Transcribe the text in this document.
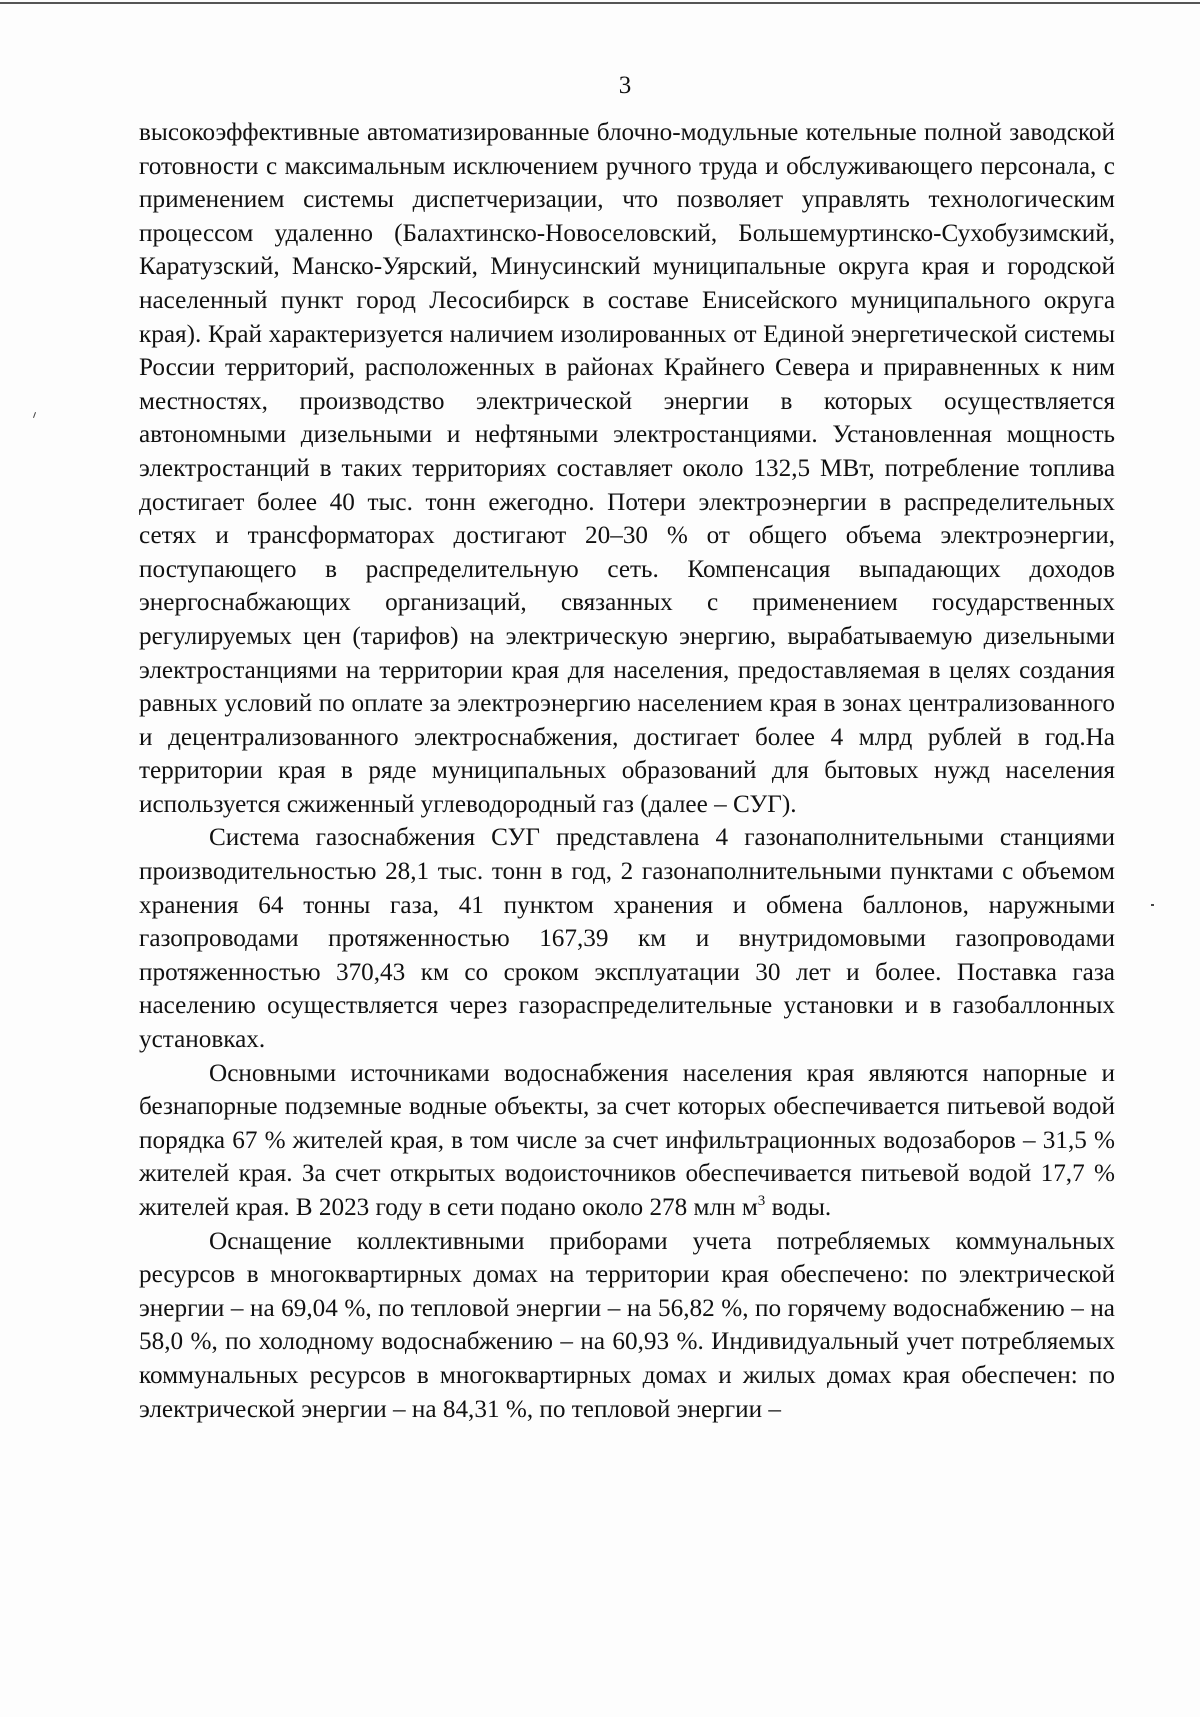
3

высокоэффективные автоматизированные блочно-модульные котельные полной заводской готовности с максимальным исключением ручного труда и обслуживающего персонала, с применением системы диспетчеризации, что позволяет управлять технологическим процессом удаленно (Балахтинско-Новоселовский, Большемуртинско-Сухобузимский, Каратузский, Манско-Уярский, Минусинский муниципальные округа края и городской населенный пункт город Лесосибирск в составе Енисейского муниципального округа края). Край характеризуется наличием изолированных от Единой энергетической системы России территорий, расположенных в районах Крайнего Севера и приравненных к ним местностях, производство электрической энергии в которых осуществляется автономными дизельными и нефтяными электростанциями. Установленная мощность электростанций в таких территориях составляет около 132,5 МВт, потребление топлива достигает более 40 тыс. тонн ежегодно. Потери электроэнергии в распределительных сетях и трансформаторах достигают 20–30 % от общего объема электроэнергии, поступающего в распределительную сеть. Компенсация выпадающих доходов энергоснабжающих организаций, связанных с применением государственных регулируемых цен (тарифов) на электрическую энергию, вырабатываемую дизельными электростанциями на территории края для населения, предоставляемая в целях создания равных условий по оплате за электроэнергию населением края в зонах централизованного и децентрализованного электроснабжения, достигает более 4 млрд рублей в год.На территории края в ряде муниципальных образований для бытовых нужд населения используется сжиженный углеводородный газ (далее – СУГ).

Система газоснабжения СУГ представлена 4 газонаполнительными станциями производительностью 28,1 тыс. тонн в год, 2 газонаполнительными пунктами с объемом хранения 64 тонны газа, 41 пунктом хранения и обмена баллонов, наружными газопроводами протяженностью 167,39 км и внутридомовыми газопроводами протяженностью 370,43 км со сроком эксплуатации 30 лет и более. Поставка газа населению осуществляется через газораспределительные установки и в газобаллонных установках.

Основными источниками водоснабжения населения края являются напорные и безнапорные подземные водные объекты, за счет которых обеспечивается питьевой водой порядка 67 % жителей края, в том числе за счет инфильтрационных водозаборов – 31,5 % жителей края. За счет открытых водоисточников обеспечивается питьевой водой 17,7 % жителей края. В 2023 году в сети подано около 278 млн $м^3$ воды.

Оснащение коллективными приборами учета потребляемых коммунальных ресурсов в многоквартирных домах на территории края обеспечено: по электрической энергии – на 69,04 %, по тепловой энергии – на 56,82 %, по горячему водоснабжению – на 58,0 %, по холодному водоснабжению – на 60,93 %. Индивидуальный учет потребляемых коммунальных ресурсов в многоквартирных домах и жилых домах края обеспечен: по электрической энергии – на 84,31 %, по тепловой энергии –
